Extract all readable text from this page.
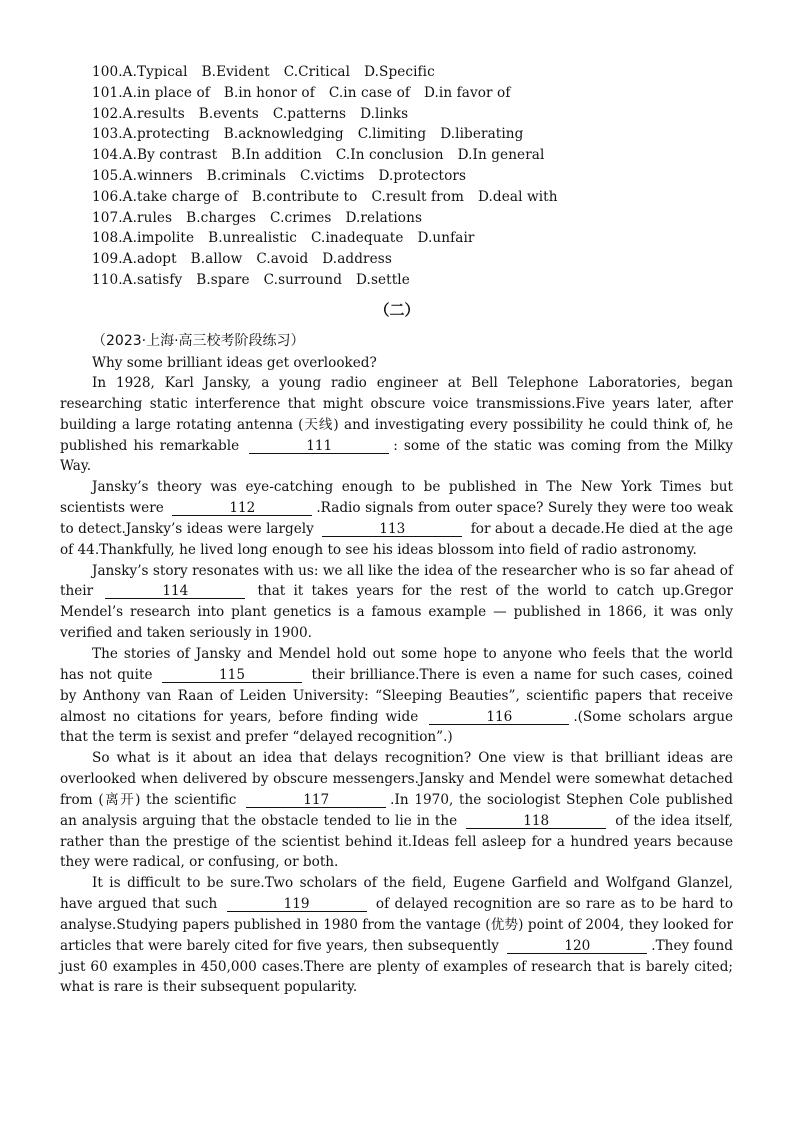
100.A.Typical B.Evident C.Critical D.Specific
101.A.in place of B.in honor of C.in case of D.in favor of
102.A.results B.events C.patterns D.links
103.A.protecting B.acknowledging C.limiting D.liberating
104.A.By contrast B.In addition C.In conclusion D.In general
105.A.winners B.criminals C.victims D.protectors
106.A.take charge of B.contribute to C.result from D.deal with
107.A.rules B.charges C.crimes D.relations
108.A.impolite B.unrealistic C.inadequate D.unfair
109.A.adopt B.allow C.avoid D.address
110.A.satisfy B.spare C.surround D.settle
（二）
（2023·上海·高三校考阶段练习）
Why some brilliant ideas get overlooked?

In 1928, Karl Jansky, a young radio engineer at Bell Telephone Laboratories, began researching static interference that might obscure voice transmissions.Five years later, after building a large rotating antenna (天线) and investigating every possibility he could think of, he published his remarkable	111	: some of the static was coming from the Milky Way.

Jansky’s theory was eye-catching enough to be published in The New York Times but scientists were	112	.Radio signals from outer space? Surely they were too weak to detect.Jansky’s ideas were largely	113	for about a decade.He died at the age of 44.Thankfully, he lived long enough to see his ideas blossom into field of radio astronomy.

Jansky’s story resonates with us: we all like the idea of the researcher who is so far ahead of their	114	that it takes years for the rest of the world to catch up.Gregor Mendel’s research into plant genetics is a famous example — published in 1866, it was only verified and taken seriously in 1900.

The stories of Jansky and Mendel hold out some hope to anyone who feels that the world has not quite	115	their brilliance.There is even a name for such cases, coined by Anthony van Raan of Leiden University: “Sleeping Beauties”, scientific papers that receive almost no citations for years, before finding wide	116	.(Some scholars argue that the term is sexist and prefer “delayed recognition”.)

So what is it about an idea that delays recognition? One view is that brilliant ideas are overlooked when delivered by obscure messengers.Jansky and Mendel were somewhat detached from (离开) the scientific	117	.In 1970, the sociologist Stephen Cole published an analysis arguing that the obstacle tended to lie in the	118	of the idea itself, rather than the prestige of the scientist behind it.Ideas fell asleep for a hundred years because they were radical, or confusing, or both.

It is difficult to be sure.Two scholars of the field, Eugene Garfield and Wolfgand Glanzel, have argued that such	119	of delayed recognition are so rare as to be hard to analyse.Studying papers published in 1980 from the vantage (优势) point of 2004, they looked for articles that were barely cited for five years, then subsequently	120	.They found just 60 examples in 450,000 cases.There are plenty of examples of research that is barely cited; what is rare is their subsequent popularity.
